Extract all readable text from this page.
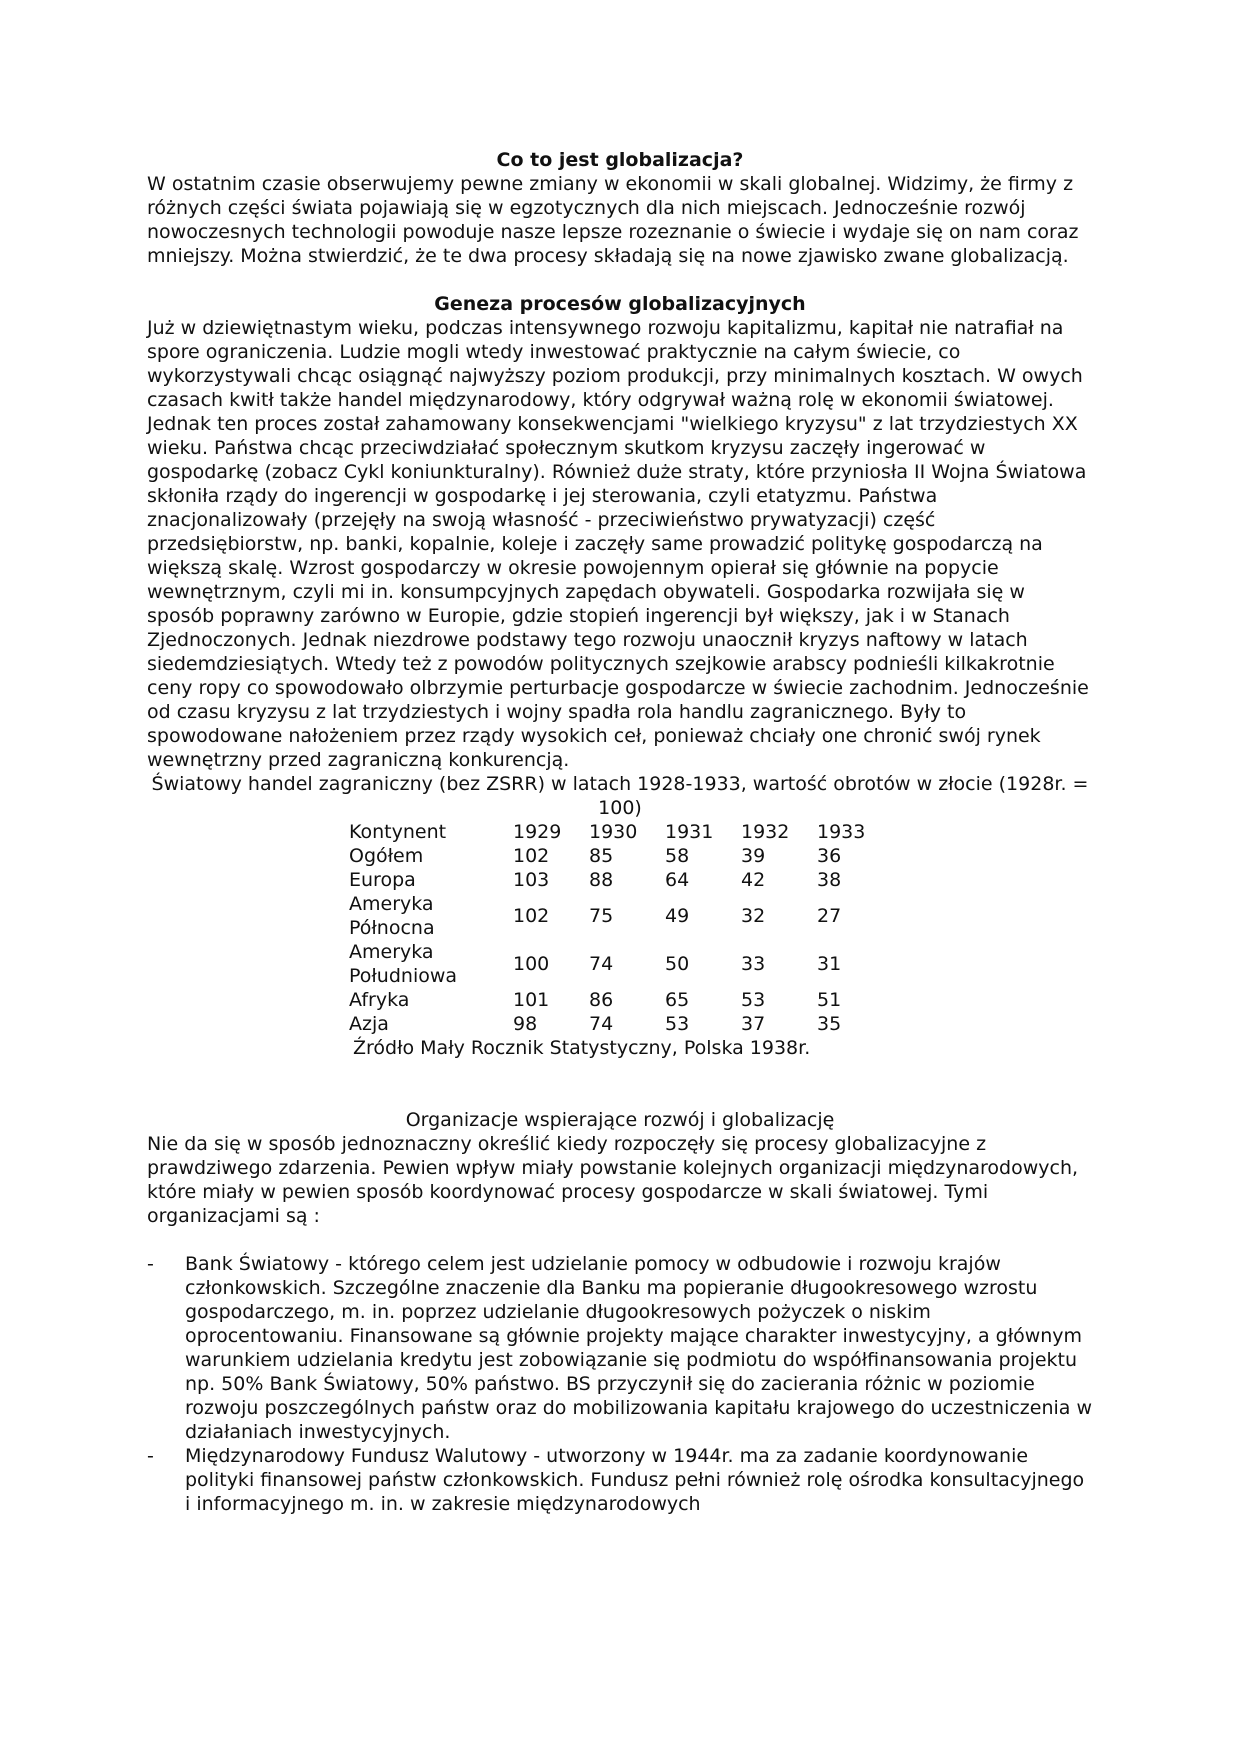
Co to jest globalizacja?

W ostatnim czasie obserwujemy pewne zmiany w ekonomii w skali globalnej. Widzimy, że firmy z różnych części świata pojawiają się w egzotycznych dla nich miejscach. Jednocześnie rozwój nowoczesnych technologii powoduje nasze lepsze rozeznanie o świecie i wydaje się on nam coraz mniejszy. Można stwierdzić, że te dwa procesy składają się na nowe zjawisko zwane globalizacją.

Geneza procesów globalizacyjnych

Już w dziewiętnastym wieku, podczas intensywnego rozwoju kapitalizmu, kapitał nie natrafiał na spore ograniczenia. Ludzie mogli wtedy inwestować praktycznie na całym świecie, co wykorzystywali chcąc osiągnąć najwyższy poziom produkcji, przy minimalnych kosztach. W owych czasach kwitł także handel międzynarodowy, który odgrywał ważną rolę w ekonomii światowej. Jednak ten proces został zahamowany konsekwencjami "wielkiego kryzysu" z lat trzydziestych XX wieku. Państwa chcąc przeciwdziałać społecznym skutkom kryzysu zaczęły ingerować w gospodarkę (zobacz Cykl koniunkturalny). Również duże straty, które przyniosła II Wojna Światowa skłoniła rządy do ingerencji w gospodarkę i jej sterowania, czyli etatyzmu. Państwa znacjonalizowały (przejęły na swoją własność - przeciwieństwo prywatyzacji) część przedsiębiorstw, np. banki, kopalnie, koleje i zaczęły same prowadzić politykę gospodarczą na większą skalę. Wzrost gospodarczy w okresie powojennym opierał się głównie na popycie wewnętrznym, czyli mi in. konsumpcyjnych zapędach obywateli. Gospodarka rozwijała się w sposób poprawny zarówno w Europie, gdzie stopień ingerencji był większy, jak i w Stanach Zjednoczonych. Jednak niezdrowe podstawy tego rozwoju unaocznił kryzys naftowy w latach siedemdziesiątych. Wtedy też z powodów politycznych szejkowie arabscy podnieśli kilkakrotnie ceny ropy co spowodowało olbrzymie perturbacje gospodarcze w świecie zachodnim. Jednocześnie od czasu kryzysu z lat trzydziestych i wojny spadła rola handlu zagranicznego. Były to spowodowane nałożeniem przez rządy wysokich ceł, ponieważ chciały one chronić swój rynek wewnętrzny przed zagraniczną konkurencją.

Światowy handel zagraniczny (bez ZSRR) w latach 1928-1933, wartość obrotów w złocie (1928r. = 100)

Kontynent	1929	1930	1931	1932	1933
Ogółem	102	85	58	39	36
Europa	103	88	64	42	38
Ameryka Północna	102	75	49	32	27
Ameryka Południowa	100	74	50	33	31
Afryka	101	86	65	53	51
Azja	98	74	53	37	35

Źródło Mały Rocznik Statystyczny, Polska 1938r.

Organizacje wspierające rozwój i globalizację

Nie da się w sposób jednoznaczny określić kiedy rozpoczęły się procesy globalizacyjne z prawdziwego zdarzenia. Pewien wpływ miały powstanie kolejnych organizacji międzynarodowych, które miały w pewien sposób koordynować procesy gospodarcze w skali światowej. Tymi organizacjami są :

- Bank Światowy - którego celem jest udzielanie pomocy w odbudowie i rozwoju krajów członkowskich. Szczególne znaczenie dla Banku ma popieranie długookresowego wzrostu gospodarczego, m. in. poprzez udzielanie długookresowych pożyczek o niskim oprocentowaniu. Finansowane są głównie projekty mające charakter inwestycyjny, a głównym warunkiem udzielania kredytu jest zobowiązanie się podmiotu do współfinansowania projektu np. 50% Bank Światowy, 50% państwo. BS przyczynił się do zacierania różnic w poziomie rozwoju poszczególnych państw oraz do mobilizowania kapitału krajowego do uczestniczenia w działaniach inwestycyjnych.
- Międzynarodowy Fundusz Walutowy - utworzony w 1944r. ma za zadanie koordynowanie polityki finansowej państw członkowskich. Fundusz pełni również rolę ośrodka konsultacyjnego i informacyjnego m. in. w zakresie międzynarodowych
